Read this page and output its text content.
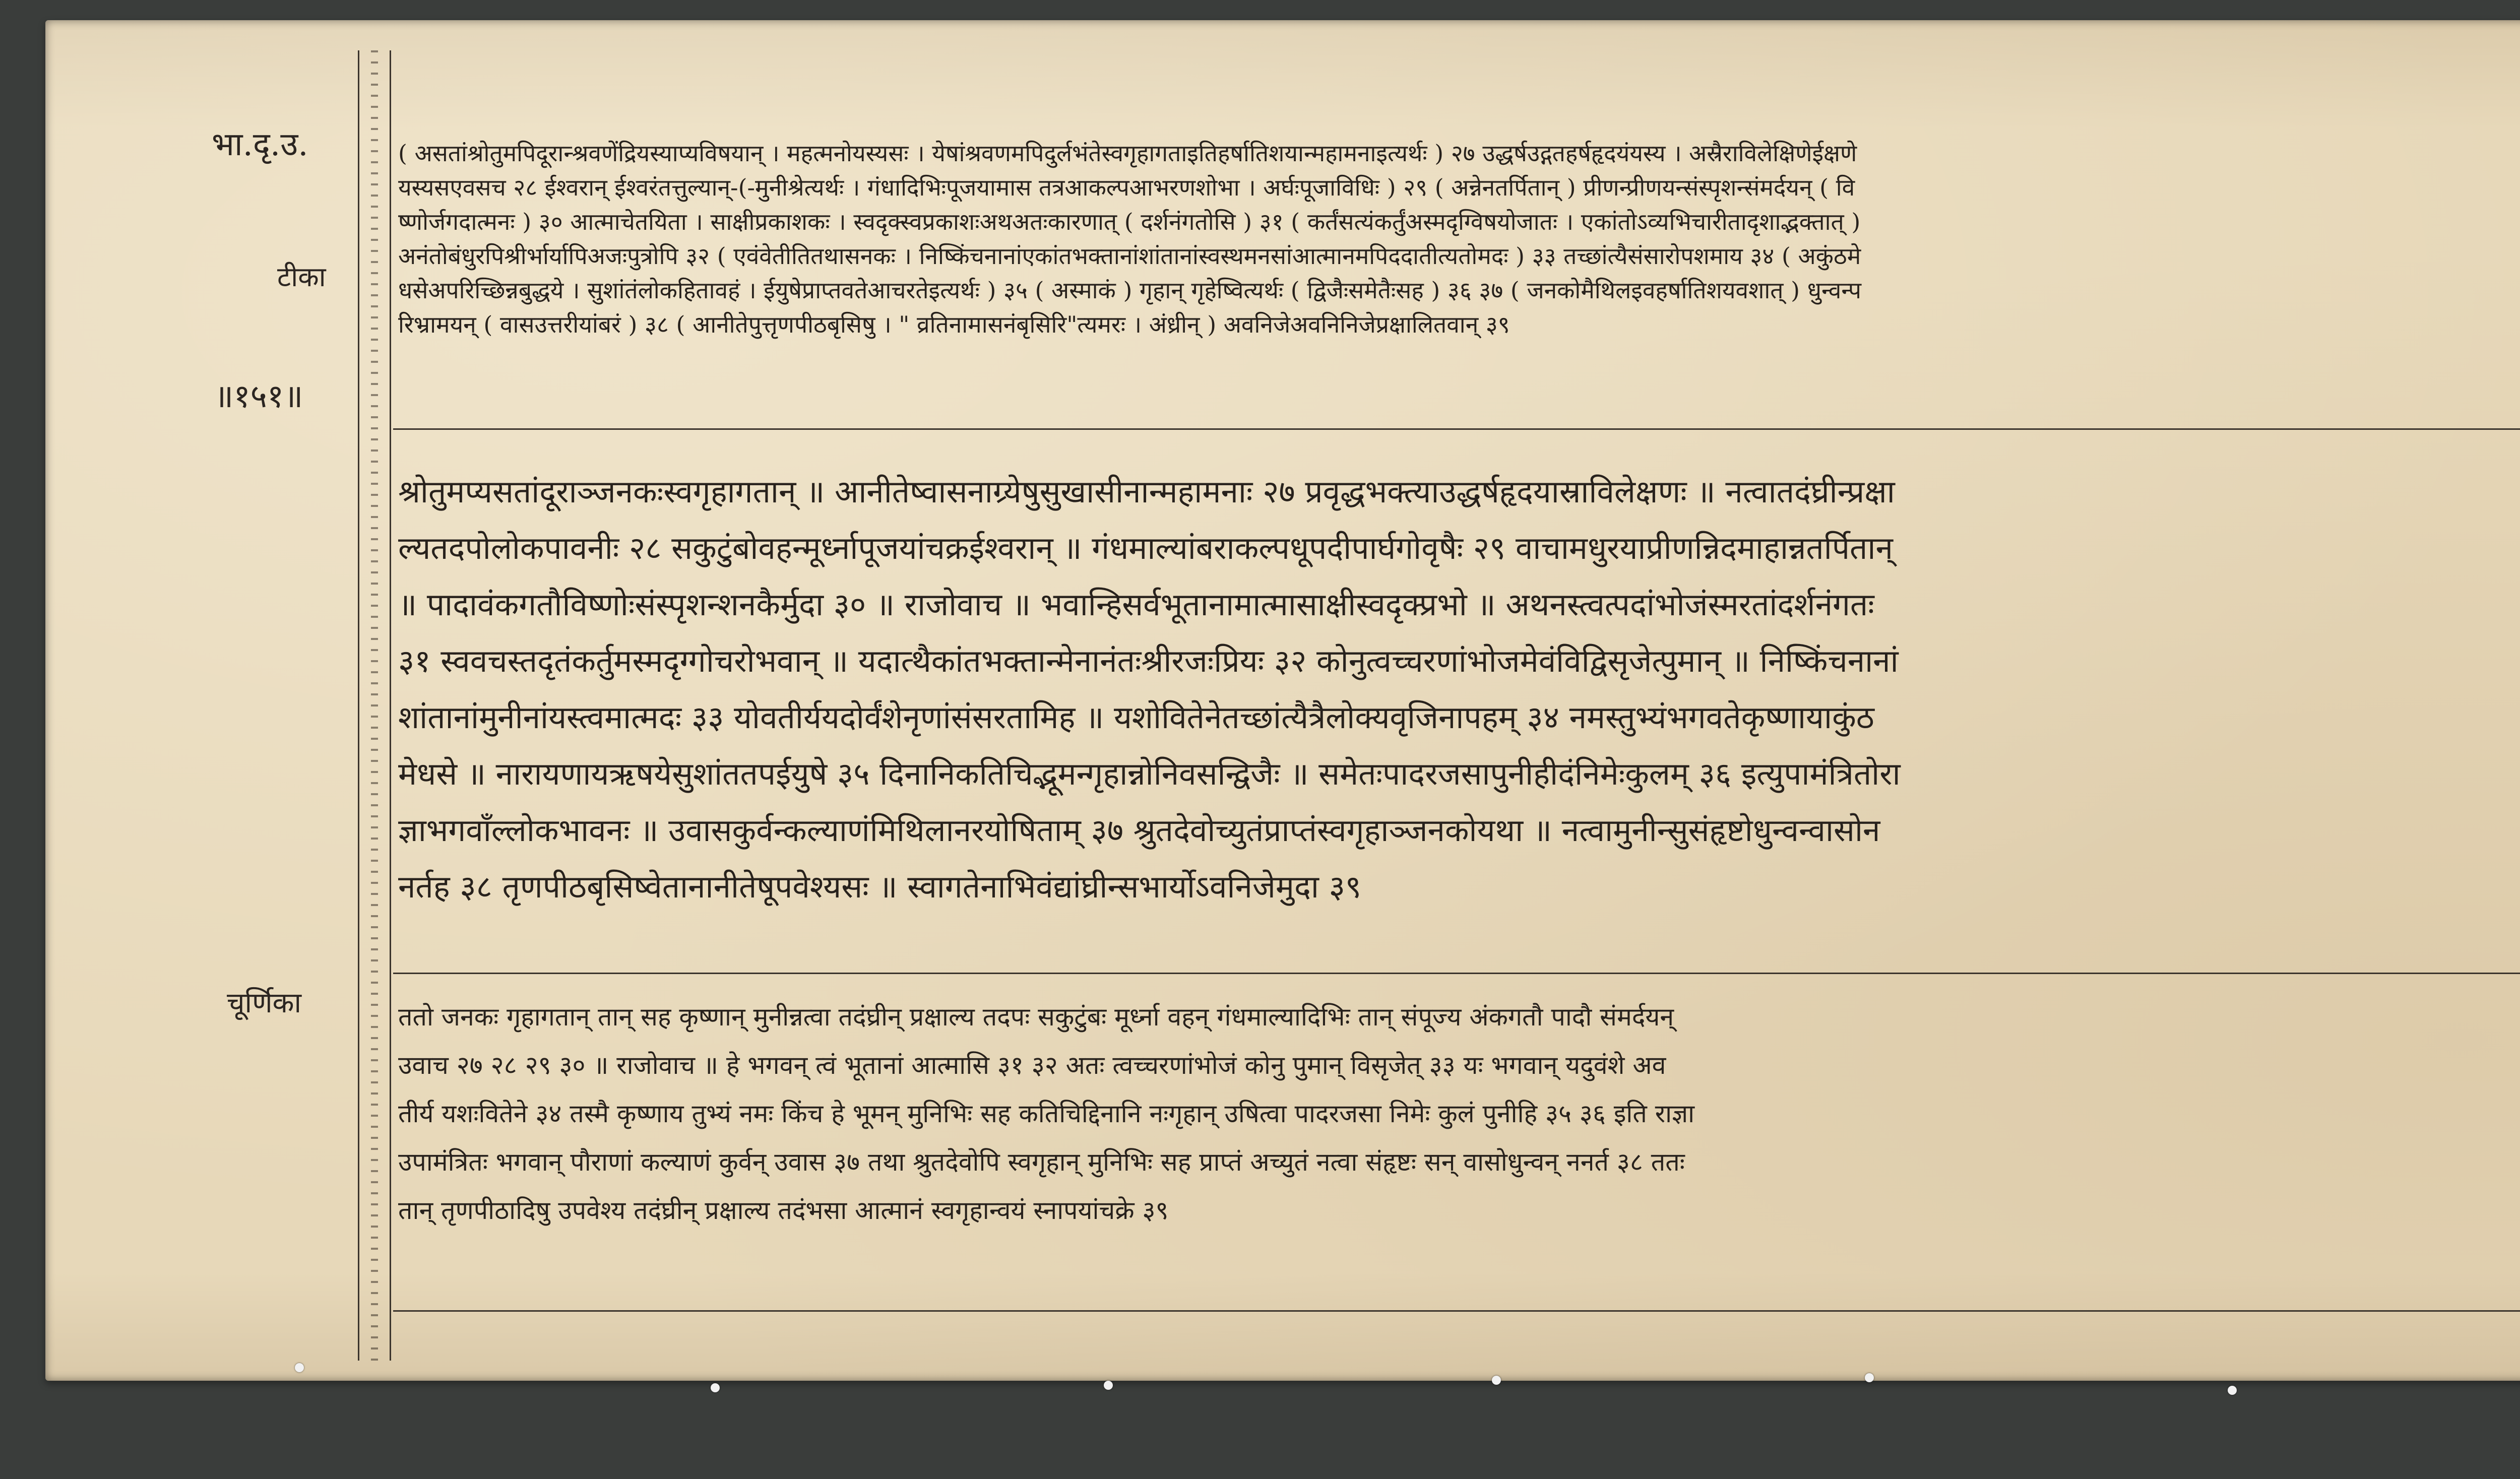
भा.दृ.उ.
टीका
॥१५१॥
चूर्णिका
( असतांश्रोतुमपिदूरान्श्रवणेंद्रियस्याप्यविषयान् । महत्मनोयस्यसः । येषांश्रवणमपिदुर्लभंतेस्वगृहागताइतिहर्षातिशयान्महामनाइत्यर्थः ) २७ उद्धर्षउद्गतहर्षहृदयंयस्य । अस्रैराविलेक्षिणेईक्षणे
यस्यसएवसच २८ ईश्वरान् ईश्वरंतत्तुल्यान्-(-मुनीश्रेत्यर्थः । गंधादिभिःपूजयामास तत्रआकल्पआभरणशोभा । अर्घःपूजाविधिः ) २९ ( अन्नेनतर्पितान् ) प्रीणन्प्रीणयन्संस्पृशन्संमर्दयन् ( वि
ष्णोर्जगदात्मनः ) ३० आत्माचेतयिता । साक्षीप्रकाशकः । स्वदृक्स्वप्रकाशःअथअतःकारणात् ( दर्शनंगतोसि ) ३१ ( कर्तंसत्यंकर्तुंअस्मदृग्विषयोजातः । एकांतोऽव्यभिचारीतादृशाद्भक्तात् )
अनंतोबंधुरपिश्रीर्भार्यापिअजःपुत्रोपि ३२ ( एवंवेतीतितथासनकः । निष्किंचनानांएकांतभक्तानांशांतानांस्वस्थमनसांआत्मानमपिददातीत्यतोमदः ) ३३ तच्छांत्यैसंसारोपशमाय ३४ ( अकुंठमे
धसेअपरिच्छिन्नबुद्धये । सुशांतंलोकहितावहं । ईयुषेप्राप्तवतेआचरतेइत्यर्थः ) ३५ ( अस्माकं ) गृहान् गृहेष्वित्यर्थः ( द्विजैःसमेतैःसह ) ३६ ३७ ( जनकोमैथिलइवहर्षातिशयवशात् ) धुन्वन्प
रिभ्रामयन् ( वासउत्तरीयांबरं ) ३८ ( आनीतेपुत्तृणपीठबृसिषु । " व्रतिनामासनंबृसिरि"त्यमरः । अंध्रीन् ) अवनिजेअवनिनिजेप्रक्षालितवान् ३९
श्रोतुमप्यसतांदूराञ्जनकःस्वगृहागतान् ॥ आनीतेष्वासनाग्र्येषुसुखासीनान्महामनाः २७ प्रवृद्धभक्त्याउद्धर्षहृदयास्राविलेक्षणः ॥ नत्वातदंघ्रीन्प्रक्षा
ल्यतदपोलोकपावनीः २८ सकुटुंबोवहन्मूर्ध्नापूजयांचक्रईश्वरान् ॥ गंधमाल्यांबराकल्पधूपदीपार्घगोवृषैः २९ वाचामधुरयाप्रीणन्निदमाहान्नतर्पितान्
॥ पादावंकगतौविष्णोःसंस्पृशन्शनकैर्मुदा ३० ॥ राजोवाच ॥ भवान्हिसर्वभूतानामात्मासाक्षीस्वदृक्प्रभो ॥ अथनस्त्वत्पदांभोजंस्मरतांदर्शनंगतः
३१ स्ववचस्तदृतंकर्तुमस्मदृग्गोचरोभवान् ॥ यदात्थैकांतभक्तान्मेनानंतःश्रीरजःप्रियः ३२ कोनुत्वच्चरणांभोजमेवंविद्विसृजेत्पुमान् ॥ निष्किंचनानां
शांतानांमुनीनांयस्त्वमात्मदः ३३ योवतीर्ययदोर्वंशेनृणांसंसरतामिह ॥ यशोवितेनेतच्छांत्यैत्रैलोक्यवृजिनापहम् ३४ नमस्तुभ्यंभगवतेकृष्णायाकुंठ
मेधसे ॥ नारायणायऋषयेसुशांततपईयुषे ३५ दिनानिकतिचिद्भूमन्गृहान्नोनिवसन्द्विजैः ॥ समेतःपादरजसापुनीहीदंनिमेःकुलम् ३६ इत्युपामंत्रितोरा
ज्ञाभगवाँल्लोकभावनः ॥ उवासकुर्वन्कल्याणंमिथिलानरयोषिताम् ३७ श्रुतदेवोच्युतंप्राप्तंस्वगृहाञ्जनकोयथा ॥ नत्वामुनीन्सुसंहृष्टोधुन्वन्वासोन
नर्तह ३८ तृणपीठबृसिष्वेतानानीतेषूपवेश्यसः ॥ स्वागतेनाभिवंद्यांघ्रीन्सभार्योऽवनिजेमुदा ३९
ततो जनकः गृहागतान् तान् सह कृष्णान् मुनीन्नत्वा तदंघ्रीन् प्रक्षाल्य तदपः सकुटुंबः मूर्ध्ना वहन् गंधमाल्यादिभिः तान् संपूज्य अंकगतौ पादौ संमर्दयन्
उवाच २७ २८ २९ ३० ॥ राजोवाच ॥ हे भगवन् त्वं भूतानां आत्मासि ३१ ३२ अतः त्वच्चरणांभोजं कोनु पुमान् विसृजेत् ३३ यः भगवान् यदुवंशे अव
तीर्य यशःवितेने ३४ तस्मै कृष्णाय तुभ्यं नमः किंच हे भूमन् मुनिभिः सह कतिचिद्दिनानि नःगृहान् उषित्वा पादरजसा निमेः कुलं पुनीहि ३५ ३६ इति राज्ञा
उपामंत्रितः भगवान् पौराणां कल्याणं कुर्वन् उवास ३७ तथा श्रुतदेवोपि स्वगृहान् मुनिभिः सह प्राप्तं अच्युतं नत्वा संहृष्टः सन् वासोधुन्वन् ननर्त ३८ ततः
तान् तृणपीठादिषु उपवेश्य तदंघ्रीन् प्रक्षाल्य तदंभसा आत्मानं स्वगृहान्वयं स्नापयांचक्रे ३९
